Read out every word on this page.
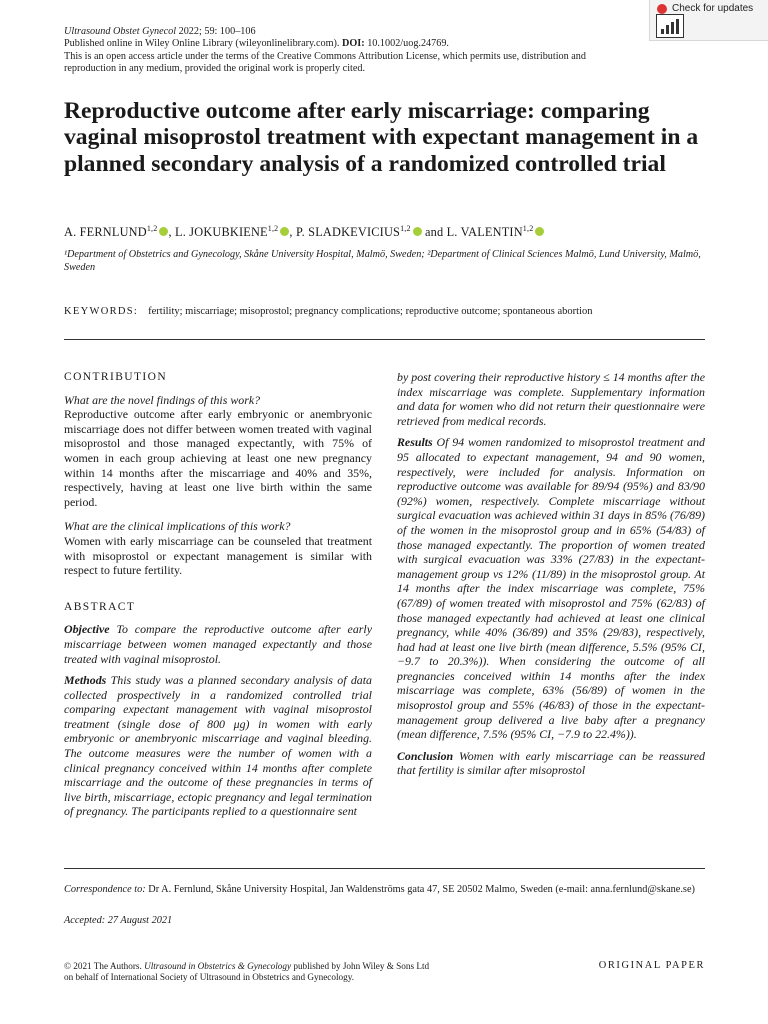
Ultrasound Obstet Gynecol 2022; 59: 100–106
Published online in Wiley Online Library (wileyonlinelibrary.com). DOI: 10.1002/uog.24769.
This is an open access article under the terms of the Creative Commons Attribution License, which permits use, distribution and
reproduction in any medium, provided the original work is properly cited.
Check for updates
Reproductive outcome after early miscarriage: comparing vaginal misoprostol treatment with expectant management in a planned secondary analysis of a randomized controlled trial
A. FERNLUND$^{1,2}$ , L. JOKUBKIENE$^{1,2}$ , P. SLADKEVICIUS$^{1,2}$ and L. VALENTIN$^{1,2}$
¹Department of Obstetrics and Gynecology, Skåne University Hospital, Malmö, Sweden; ²Department of Clinical Sciences Malmö, Lund University, Malmö, Sweden
KEYWORDS: fertility; miscarriage; misoprostol; pregnancy complications; reproductive outcome; spontaneous abortion

CONTRIBUTION

What are the novel findings of this work?

Reproductive outcome after early embryonic or anembryonic miscarriage does not differ between women treated with vaginal misoprostol and those managed expectantly, with 75% of women in each group achieving at least one new pregnancy within 14 months after the miscarriage and 40% and 35%, respectively, having at least one live birth within the same period.

What are the clinical implications of this work?

Women with early miscarriage can be counseled that treatment with misoprostol or expectant management is similar with respect to future fertility.

ABSTRACT

Objective To compare the reproductive outcome after early miscarriage between women managed expectantly and those treated with vaginal misoprostol.

Methods This study was a planned secondary analysis of data collected prospectively in a randomized controlled trial comparing expectant management with vaginal misoprostol treatment (single dose of 800 μg) in women with early embryonic or anembryonic miscarriage and vaginal bleeding. The outcome measures were the number of women with a clinical pregnancy conceived within 14 months after complete miscarriage and the outcome of these pregnancies in terms of live birth, miscarriage, ectopic pregnancy and legal termination of pregnancy. The participants replied to a questionnaire sent

by post covering their reproductive history ≤ 14 months after the index miscarriage was complete. Supplementary information and data for women who did not return their questionnaire were retrieved from medical records.

Results Of 94 women randomized to misoprostol treatment and 95 allocated to expectant management, 94 and 90 women, respectively, were included for analysis. Information on reproductive outcome was available for 89/94 (95%) and 83/90 (92%) women, respectively. Complete miscarriage without surgical evacuation was achieved within 31 days in 85% (76/89) of the women in the misoprostol group and in 65% (54/83) of those managed expectantly. The proportion of women treated with surgical evacuation was 33% (27/83) in the expectant-management group vs 12% (11/89) in the misoprostol group. At 14 months after the index miscarriage was complete, 75% (67/89) of women treated with misoprostol and 75% (62/83) of those managed expectantly had achieved at least one clinical pregnancy, while 40% (36/89) and 35% (29/83), respectively, had had at least one live birth (mean difference, 5.5% (95% CI, −9.7 to 20.3%)). When considering the outcome of all pregnancies conceived within 14 months after the index miscarriage was complete, 63% (56/89) of women in the misoprostol group and 55% (46/83) of those in the expectant-management group delivered a live baby after a pregnancy (mean difference, 7.5% (95% CI, −7.9 to 22.4%)).

Conclusion Women with early miscarriage can be reassured that fertility is similar after misoprostol

Correspondence to: Dr A. Fernlund, Skåne University Hospital, Jan Waldenströms gata 47, SE 20502 Malmo, Sweden (e-mail: anna.fernlund@skane.se)
Accepted: 27 August 2021
© 2021 The Authors. Ultrasound in Obstetrics & Gynecology published by John Wiley & Sons Ltd
on behalf of International Society of Ultrasound in Obstetrics and Gynecology.
ORIGINAL PAPER
